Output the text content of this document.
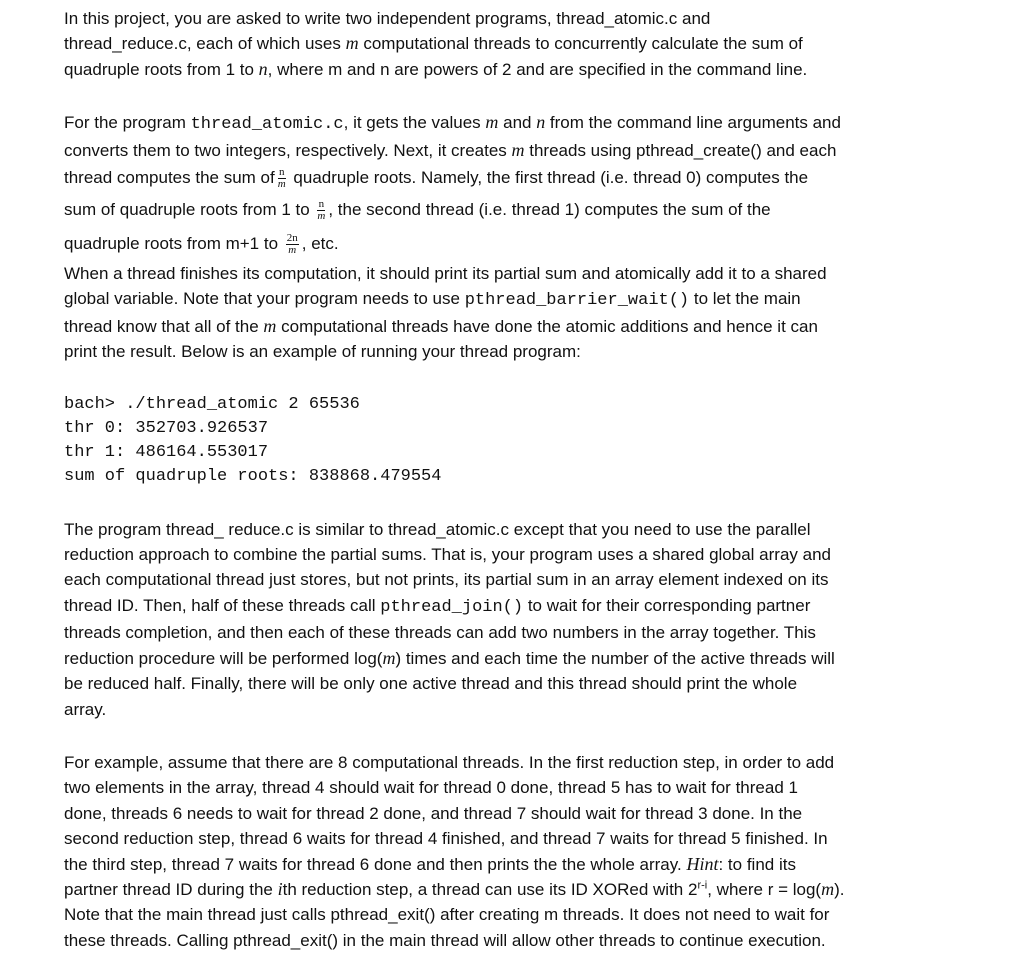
In this project, you are asked to write two independent programs, thread_atomic.c and
thread_reduce.c, each of which uses m computational threads to concurrently calculate the sum of
quadruple roots from 1 to n, where m and n are powers of 2 and are specified in the command line.
For the program thread_atomic.c, it gets the values m and n from the command line arguments and
converts them to two integers, respectively. Next, it creates m threads using pthread_create() and each
thread computes the sum of $\frac{n}{m}$ quadruple roots. Namely, the first thread (i.e. thread 0) computes the
sum of quadruple roots from 1 to $\frac{n}{m}$ , the second thread (i.e. thread 1) computes the sum of the
quadruple roots from m+1 to $\frac{2n}{m}$ , etc.
When a thread finishes its computation, it should print its partial sum and atomically add it to a shared
global variable. Note that your program needs to use pthread_barrier_wait() to let the main
thread know that all of the m computational threads have done the atomic additions and hence it can
print the result. Below is an example of running your thread program:
bach> ./thread_atomic 2 65536
thr 0: 352703.926537
thr 1: 486164.553017
sum of quadruple roots: 838868.479554
The program thread_ reduce.c is similar to thread_atomic.c except that you need to use the parallel
reduction approach to combine the partial sums. That is, your program uses a shared global array and
each computational thread just stores, but not prints, its partial sum in an array element indexed on its
thread ID. Then, half of these threads call pthread_join() to wait for their corresponding partner
threads completion, and then each of these threads can add two numbers in the array together. This
reduction procedure will be performed log(m) times and each time the number of the active threads will
be reduced half. Finally, there will be only one active thread and this thread should print the whole
array.
For example, assume that there are 8 computational threads. In the first reduction step, in order to add
two elements in the array, thread 4 should wait for thread 0 done, thread 5 has to wait for thread 1
done, threads 6 needs to wait for thread 2 done, and thread 7 should wait for thread 3 done. In the
second reduction step, thread 6 waits for thread 4 finished, and thread 7 waits for thread 5 finished. In
the third step, thread 7 waits for thread 6 done and then prints the the whole array. Hint: to find its
partner thread ID during the ith reduction step, a thread can use its ID XORed with 2$^{r-i}$, where r = log(m).
Note that the main thread just calls pthread_exit() after creating m threads. It does not need to wait for
these threads. Calling pthread_exit() in the main thread will allow other threads to continue execution.
